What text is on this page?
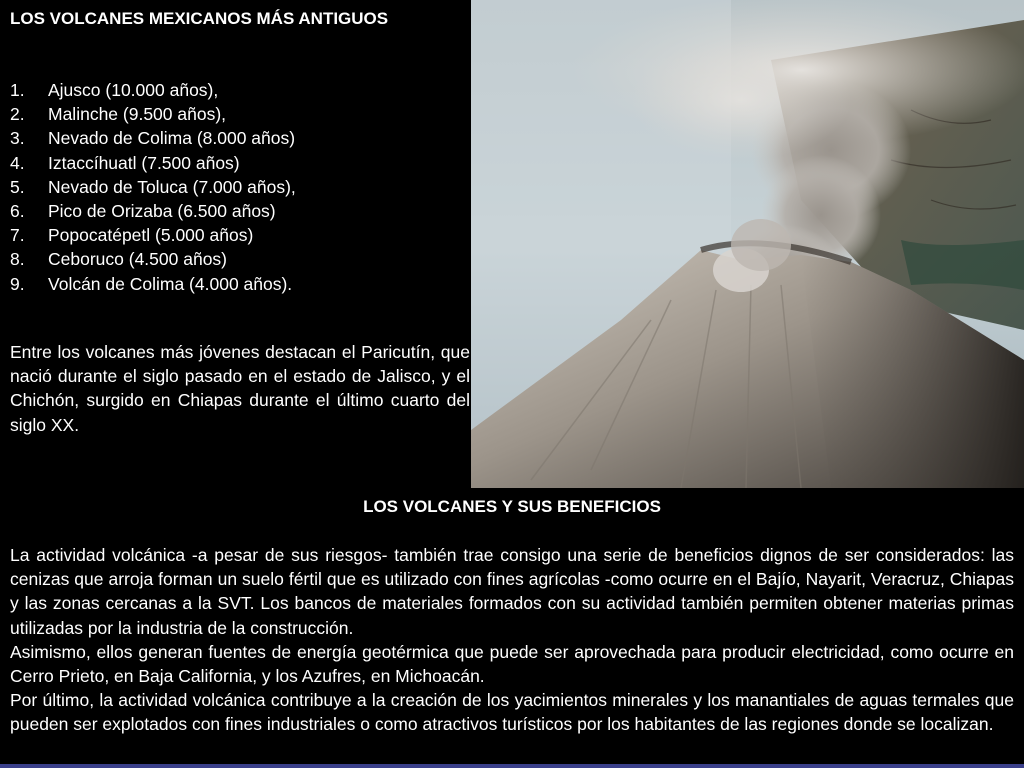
LOS VOLCANES MEXICANOS MÁS ANTIGUOS
1. Ajusco (10.000 años),
2. Malinche (9.500 años),
3. Nevado de Colima (8.000 años)
4. Iztaccíhuatl (7.500 años)
5. Nevado de Toluca (7.000 años),
6. Pico de Orizaba (6.500 años)
7. Popocatépetl (5.000 años)
8. Ceboruco (4.500 años)
9. Volcán de Colima (4.000 años).

Entre los volcanes más jóvenes destacan el Paricutín, que nació durante el siglo pasado en el estado de Jalisco, y el Chichón, surgido en Chiapas durante el último cuarto del siglo XX.

LOS VOLCANES Y SUS BENEFICIOS

La actividad volcánica -a pesar de sus riesgos- también trae consigo una serie de beneficios dignos de ser considerados: las cenizas que arroja forman un suelo fértil que es utilizado con fines agrícolas -como ocurre en el Bajío, Nayarit, Veracruz, Chiapas y las zonas cercanas a la SVT. Los bancos de materiales formados con su actividad también permiten obtener materias primas utilizadas por la industria de la construcción.

Asimismo, ellos generan fuentes de energía geotérmica que puede ser aprovechada para producir electricidad, como ocurre en Cerro Prieto, en Baja California, y los Azufres, en Michoacán.

Por último, la actividad volcánica contribuye a la creación de los yacimientos minerales y los manantiales de aguas termales que pueden ser explotados con fines industriales o como atractivos turísticos por los habitantes de las regiones donde se localizan.
